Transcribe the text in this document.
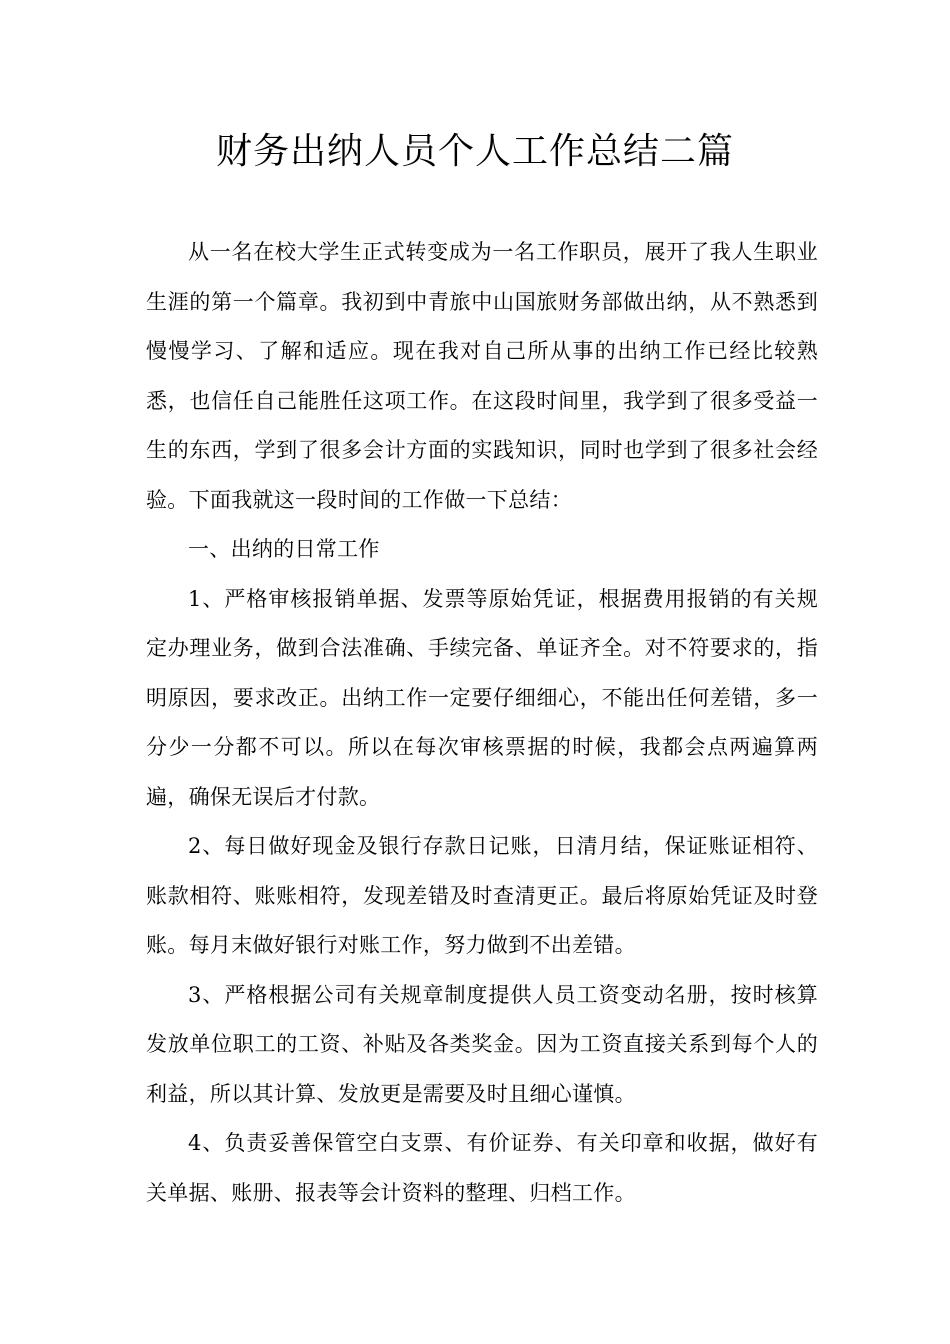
财务出纳人员个人工作总结二篇

从一名在校大学生正式转变成为一名工作职员，展开了我人生职业生涯的第一个篇章。我初到中青旅中山国旅财务部做出纳，从不熟悉到慢慢学习、了解和适应。现在我对自己所从事的出纳工作已经比较熟悉，也信任自己能胜任这项工作。在这段时间里，我学到了很多受益一生的东西，学到了很多会计方面的实践知识，同时也学到了很多社会经验。下面我就这一段时间的工作做一下总结：

一、出纳的日常工作

1、严格审核报销单据、发票等原始凭证，根据费用报销的有关规定办理业务，做到合法准确、手续完备、单证齐全。对不符要求的，指明原因，要求改正。出纳工作一定要仔细细心，不能出任何差错，多一分少一分都不可以。所以在每次审核票据的时候，我都会点两遍算两遍，确保无误后才付款。

2、每日做好现金及银行存款日记账，日清月结，保证账证相符、账款相符、账账相符，发现差错及时查清更正。最后将原始凭证及时登账。每月末做好银行对账工作，努力做到不出差错。

3、严格根据公司有关规章制度提供人员工资变动名册，按时核算发放单位职工的工资、补贴及各类奖金。因为工资直接关系到每个人的利益，所以其计算、发放更是需要及时且细心谨慎。

4、负责妥善保管空白支票、有价证券、有关印章和收据，做好有关单据、账册、报表等会计资料的整理、归档工作。
